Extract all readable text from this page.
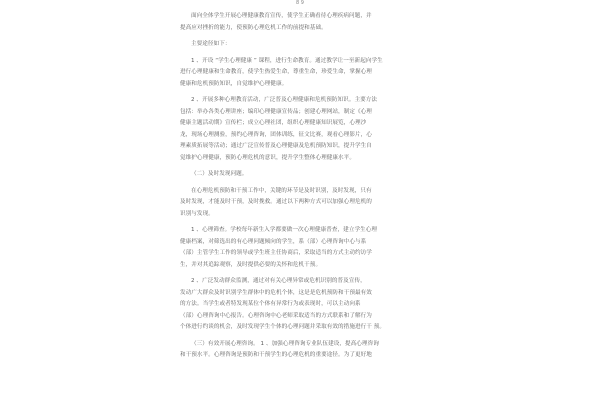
8 9
面向全体学生开展心理健康教育宣传，使学生正确看待心理疾病问题，并
提高应对挫折的能力，使预防心理危机工作的前提和基础。
主要途径如下：
1 、开设 “学生心理健康 ” 课程，进行生命教育。通过教学让一至新起向学生
进行心理健康和生命教育，使学生热爱生命，尊重生命，珍爱生命，掌握心理
健康和危机预防知识，自觉维护心理健康。
2 、开展多种心理教育活动，广泛普及心理健康和危机预防知识。主要方法
包括：举办各类心理讲座；编印心理健康宣传品；创建心理网站，制定《心理
健康主题活动期》宣传栏；成立心理社团，组织心理健康知识展览，心理沙
龙，现场心理测验，预约心理咨询，团体训练，征文比赛，观看心理影片，心
理素质拓展等活动；通过广泛宣传普及心理健康及危机预防知识，提升学生自
觉维护心理健康，预防心理危机的意识，提升学生整体心理健康水平。
（二）及时发现问题。
在心理危机预防和干预工作中，关键的环节是及时识别，及时发现，只有
及时发现，才能及时干预，及时挽救。通过以下两种方式可以加强心理危机的
识别与发现。
1 、心理筛查。学校每年新生入学都要做一次心理健康普查，建立学生心理
健康档案，对筛选出的有心理问题倾向的学生，系（部）心理咨询中心与系
（部）主管学生工作的领导或学生班主任协商后，采取适当的方式主动约访学
生，并对其追踪观察，及时提供必要的关怀和危机干预。
2 、广泛发动群众监测，通过对有关心理异常或危机识别的普及宣传，
发动广大群众及时识别学生群体中的危机个体，这是是危机预防和干预最有效
的方法。当学生或者特发现某位个体有异常行为或表现时，可以主动向系
（部）心理咨询中心报告。心理咨询中心老师采取适当的方式联系和了解行为
个体进行约谈的机会，及时发现学生个体的心理问题并采取有效的措施进行干 预。
（三）有效开展心理咨询。 1 、加强心理咨询专业队伍建设，提高心理咨询
和干预水平。心理咨询是预防和干预学生的心理危机的重要途径。为了更好地
